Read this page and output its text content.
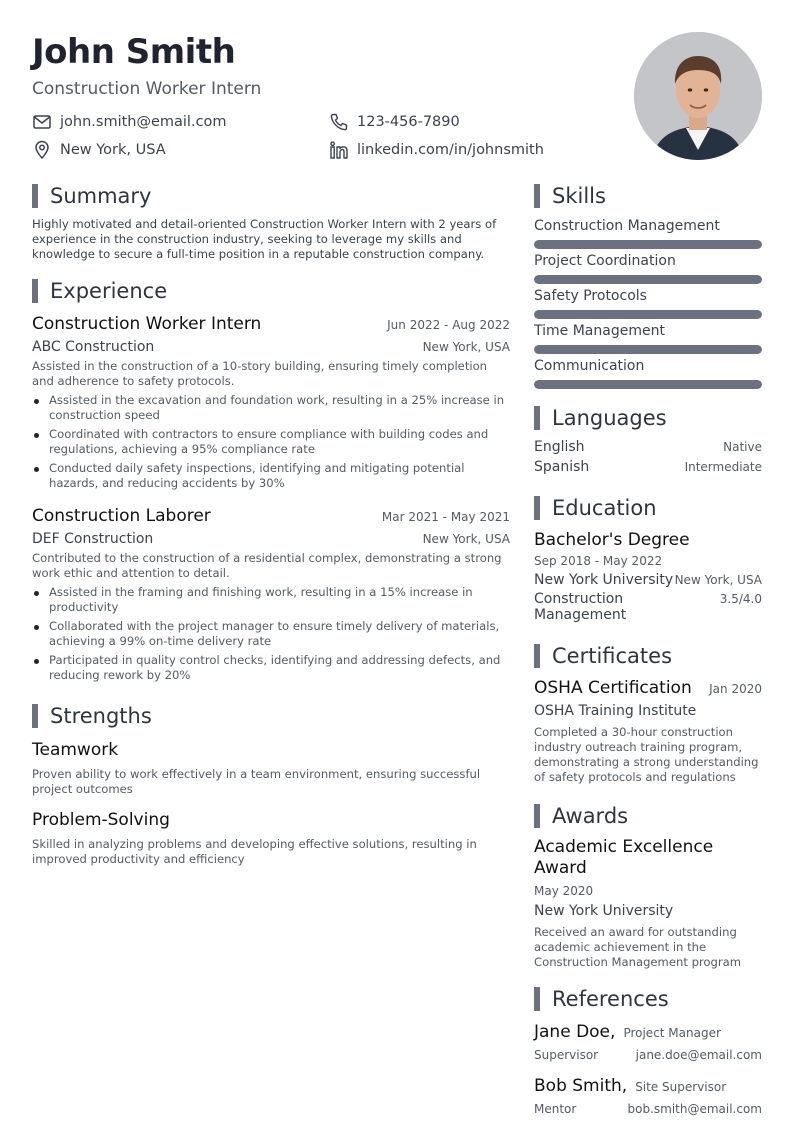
John Smith
Construction Worker Intern
john.smith@email.com	123-456-7890
New York, USA	linkedin.com/in/johnsmith
Summary
Highly motivated and detail-oriented Construction Worker Intern with 2 years of experience in the construction industry, seeking to leverage my skills and knowledge to secure a full-time position in a reputable construction company.
Experience
Construction Worker Intern	Jun 2022 - Aug 2022
ABC Construction	New York, USA
Assisted in the construction of a 10-story building, ensuring timely completion and adherence to safety protocols.
Assisted in the excavation and foundation work, resulting in a 25% increase in construction speed
Coordinated with contractors to ensure compliance with building codes and regulations, achieving a 95% compliance rate
Conducted daily safety inspections, identifying and mitigating potential hazards, and reducing accidents by 30%
Construction Laborer	Mar 2021 - May 2021
DEF Construction	New York, USA
Contributed to the construction of a residential complex, demonstrating a strong work ethic and attention to detail.
Assisted in the framing and finishing work, resulting in a 15% increase in productivity
Collaborated with the project manager to ensure timely delivery of materials, achieving a 99% on-time delivery rate
Participated in quality control checks, identifying and addressing defects, and reducing rework by 20%
Strengths
Teamwork
Proven ability to work effectively in a team environment, ensuring successful project outcomes
Problem-Solving
Skilled in analyzing problems and developing effective solutions, resulting in improved productivity and efficiency
Skills
Construction Management
Project Coordination
Safety Protocols
Time Management
Communication
Languages
English	Native
Spanish	Intermediate
Education
Bachelor's Degree
Sep 2018 - May 2022
New York University New York, USA
Construction Management
3.5/4.0
Certificates
OSHA Certification Jan 2020
OSHA Training Institute
Completed a 30-hour construction industry outreach training program, demonstrating a strong understanding of safety protocols and regulations
Awards
Academic Excellence Award
May 2020
New York University
Received an award for outstanding academic achievement in the Construction Management program
References
Jane Doe, Project Manager
Supervisor	jane.doe@email.com
Bob Smith, Site Supervisor
Mentor	bob.smith@email.com
